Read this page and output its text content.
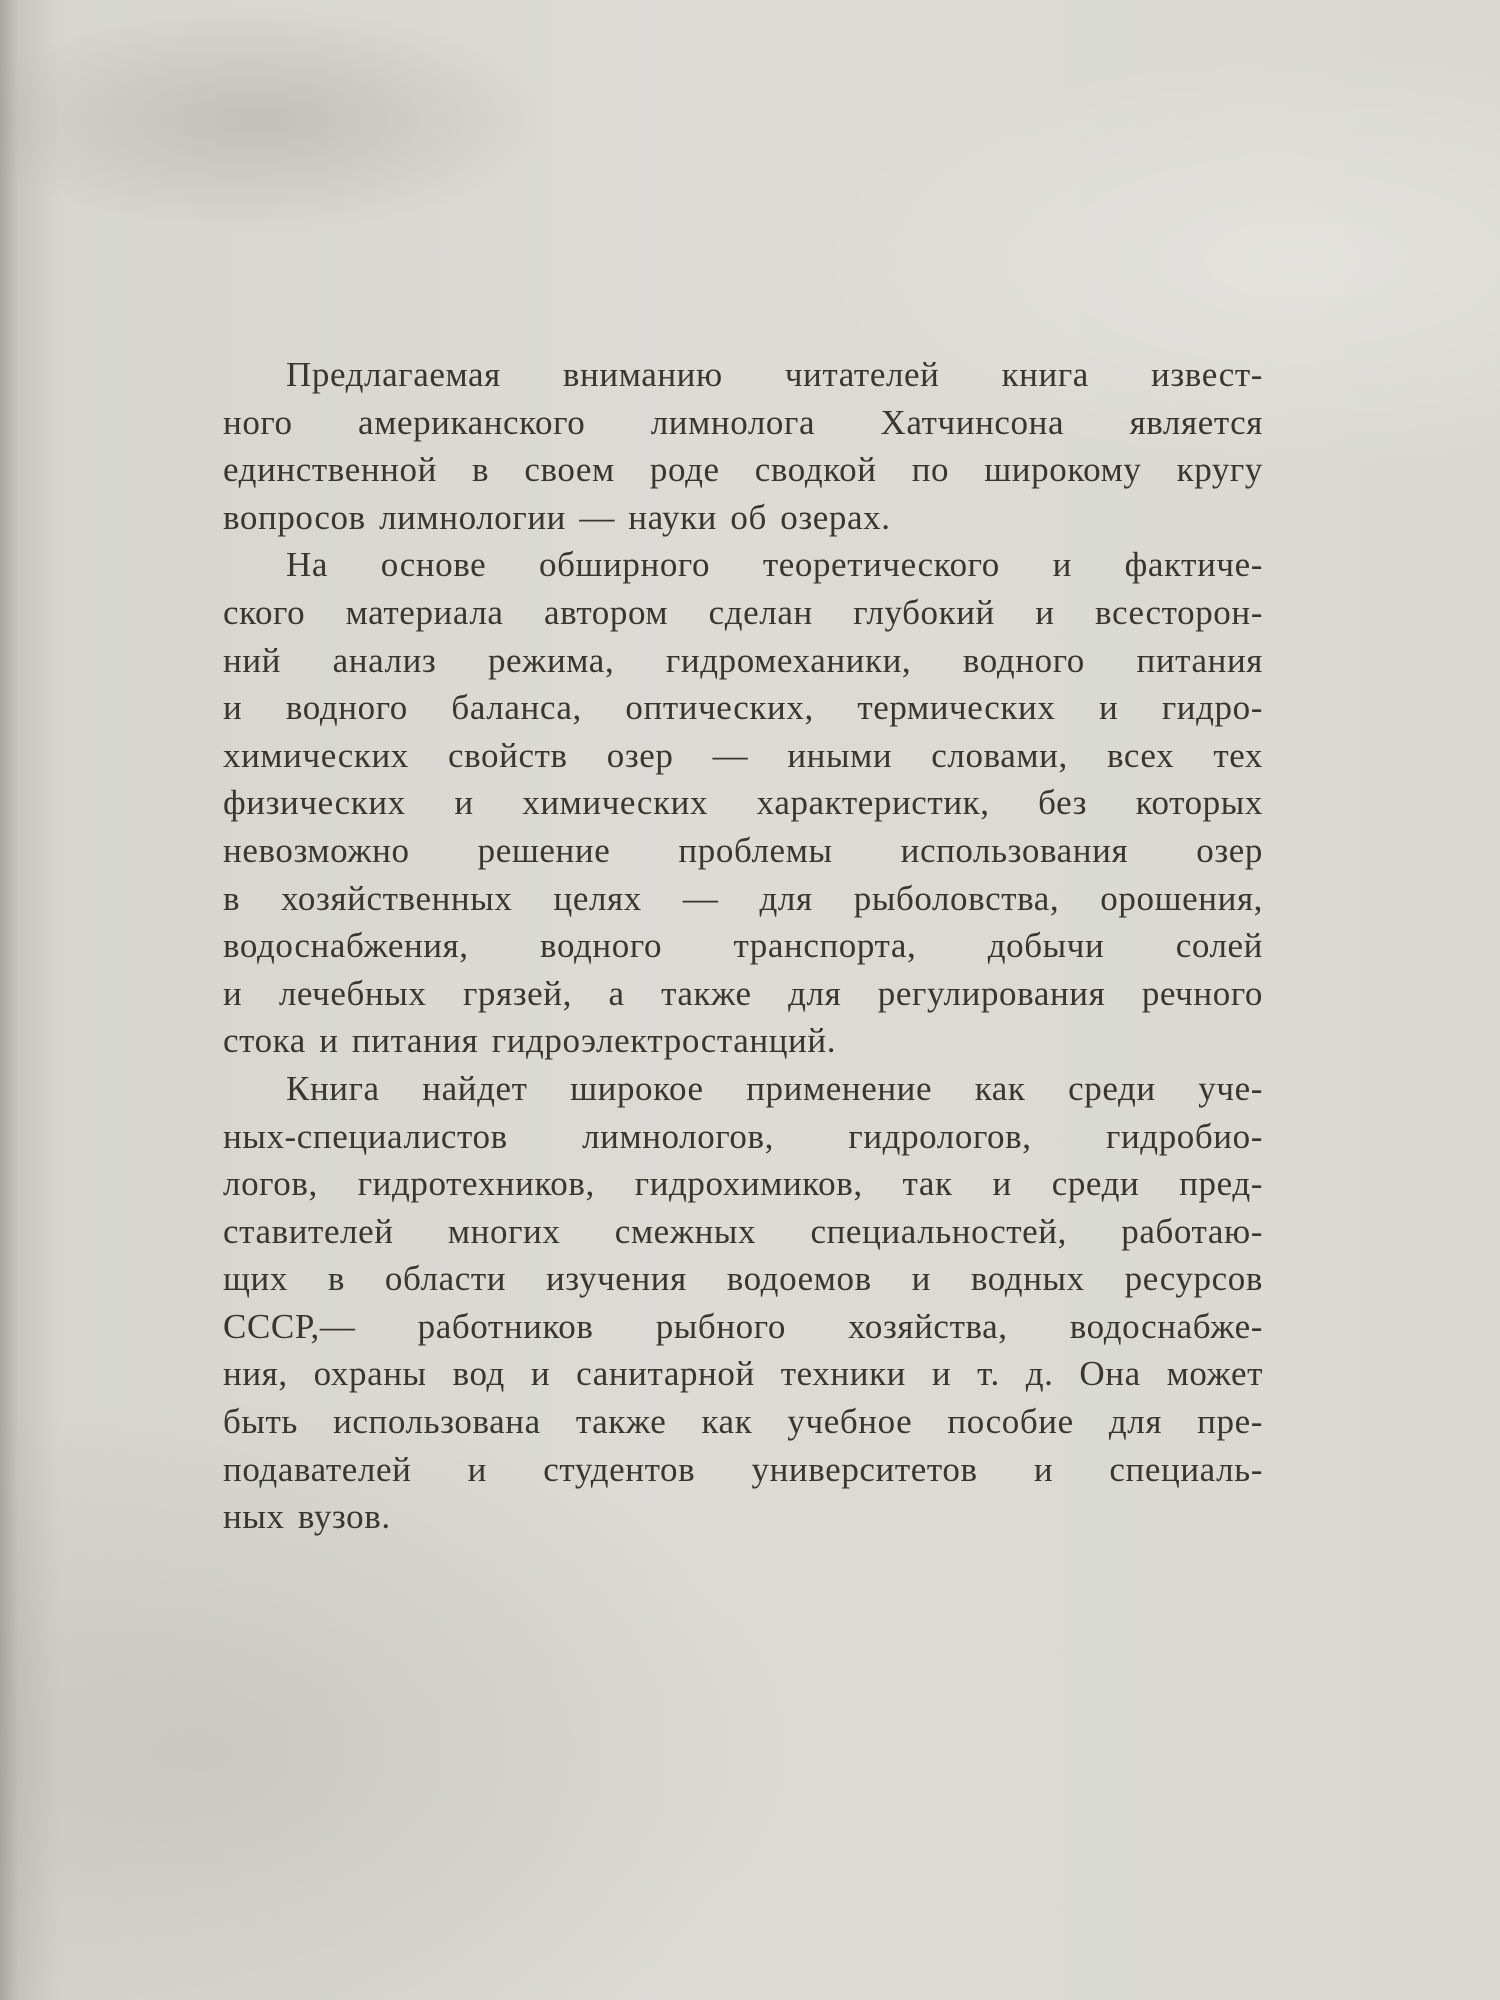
Предлагаемая вниманию читателей книга извест-
ного американского лимнолога Хатчинсона является
единственной в своем роде сводкой по широкому кругу
вопросов лимнологии — науки об озерах.

На основе обширного теоретического и фактиче-
ского материала автором сделан глубокий и всесторон-
ний анализ режима, гидромеханики, водного питания
и водного баланса, оптических, термических и гидро-
химических свойств озер — иными словами, всех тех
физических и химических характеристик, без которых
невозможно решение проблемы использования озер
в хозяйственных целях — для рыболовства, орошения,
водоснабжения, водного транспорта, добычи солей
и лечебных грязей, а также для регулирования речного
стока и питания гидроэлектростанций.

Книга найдет широкое применение как среди уче-
ных-специалистов лимнологов, гидрологов, гидробио-
логов, гидротехников, гидрохимиков, так и среди пред-
ставителей многих смежных специальностей, работаю-
щих в области изучения водоемов и водных ресурсов
СССР,— работников рыбного хозяйства, водоснабже-
ния, охраны вод и санитарной техники и т. д. Она может
быть использована также как учебное пособие для пре-
подавателей и студентов университетов и специаль-
ных вузов.
